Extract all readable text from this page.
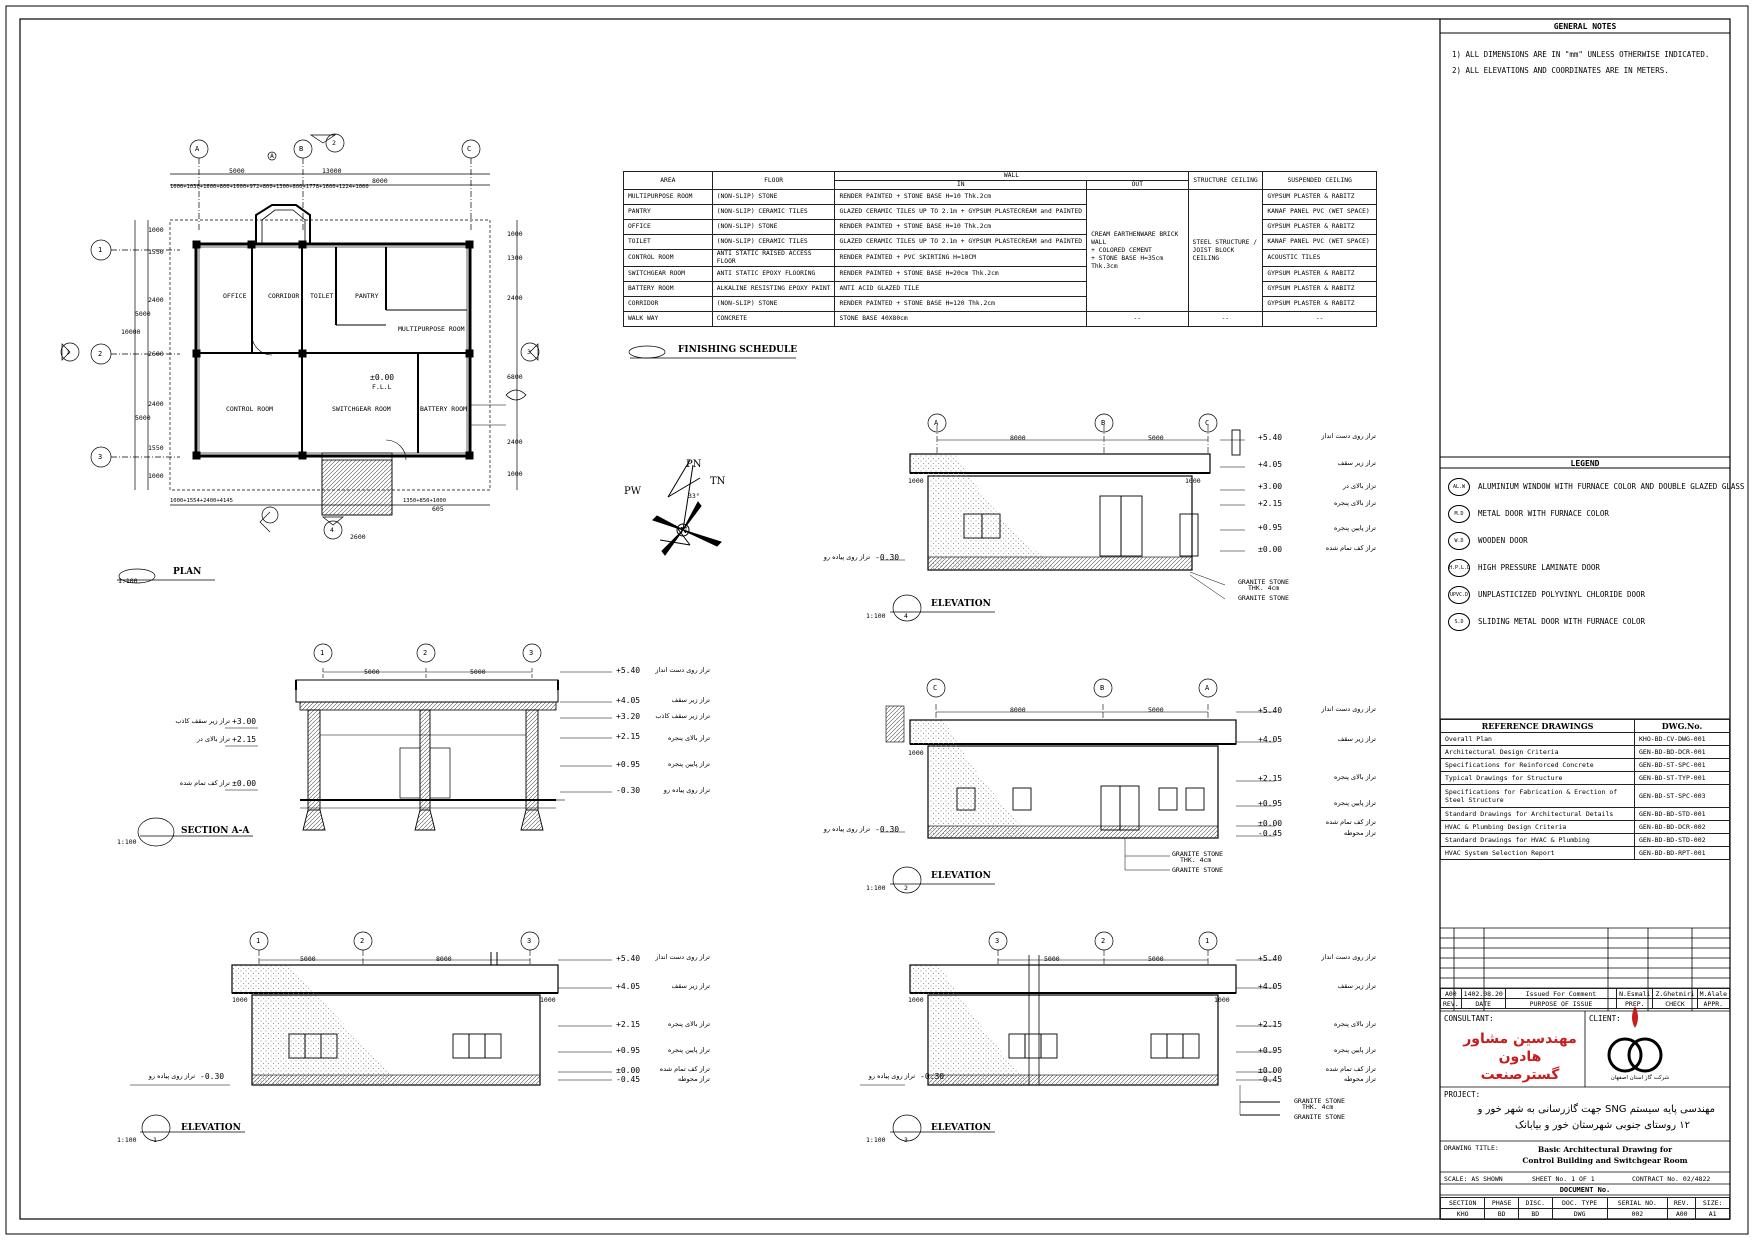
A	B	C
1
2
3
A
2
1	3
4
5000	13000
8000
1000+1030+1600+800+1600+972+800+1300+800+1778+1600+1224+1000
1000+1554+2400+4145	1350+850+1000
605
2600
1000
1550
2400
5000
10000
2600
5000
2400
1550
1000
1000
1300
2400
6800
2400
1000
OFFICE	CORRIDOR TOILET	PANTRY
MULTIPURPOSE ROOM
CONTROL ROOM	SWITCHGEAR ROOM	BATTERY ROOM
±0.00
F.L.L
1:100
PLAN
AREA	FLOOR	WALL		STRUCTURE CEILING	SUSPENDED CEILING
		IN	OUT		
MULTIPURPOSE ROOM	(NON-SLIP) STONE	RENDER PAINTED + STONE BASE H=10 Thk.2cm	CREAM EARTHENWARE BRICK WALL
+ COLORED CEMENT
+ STONE BASE H=35cm Thk.3cm	STEEL STRUCTURE /
JOIST BLOCK CEILING	GYPSUM PLASTER & RABITZ
PANTRY	(NON-SLIP) CERAMIC TILES	GLAZED CERAMIC TILES UP TO 2.1m + GYPSUM PLASTECREAM and PAINTED			KANAF PANEL PVC (WET SPACE)
OFFICE	(NON-SLIP) STONE	RENDER PAINTED + STONE BASE H=10 Thk.2cm			GYPSUM PLASTER & RABITZ
TOILET	(NON-SLIP) CERAMIC TILES	GLAZED CERAMIC TILES UP TO 2.1m + GYPSUM PLASTECREAM and PAINTED			KANAF PANEL PVC (WET SPACE)
CONTROL ROOM	ANTI STATIC RAISED ACCESS FLOOR	RENDER PAINTED + PVC SKIRTING H=10CM			ACOUSTIC TILES
SWITCHGEAR ROOM	ANTI STATIC EPOXY FLOORING	RENDER PAINTED + STONE BASE H=20cm Thk.2cm			GYPSUM PLASTER & RABITZ
BATTERY ROOM	ALKALINE RESISTING EPOXY PAINT	ANTI ACID GLAZED TILE			GYPSUM PLASTER & RABITZ
CORRIDOR	(NON-SLIP) STONE	RENDER PAINTED + STONE BASE H=120 Thk.2cm			GYPSUM PLASTER & RABITZ
WALK WAY	CONCRETE	STONE BASE 40X80cm	--	--	--
FINISHING SCHEDULE
PN
TN
PW
N
33°
A	B	C
8000	5000
1000	1000
+5.40
+4.05
+3.00
+2.15
+0.95
±0.00
-0.30
تراز روی دست انداز
تراز زیر سقف
تراز بالای در
تراز بالای پنجره
تراز پایین پنجره
تراز کف تمام شده
تراز روی پیاده رو
GRANITE STONE
THK. 4cm
GRANITE STONE
1:100	4
ELEVATION
1	2	3
5000	5000	+5.40
+4.05
+3.20
+2.15
+0.95
-0.30
تراز روی دست انداز
تراز زیر سقف
تراز زیر سقف کاذب
تراز بالای پنجره
تراز پایین پنجره
تراز روی پیاده رو
+3.00
+2.15
±0.00
تراز زیر سقف کاذب
تراز بالای در
تراز کف تمام شده
1:100
SECTION A-A
C	B	A
8000	5000
1000
+5.40
+4.05
+2.15
+0.95
±0.00
-0.45
-0.30
تراز روی دست انداز
تراز زیر سقف
تراز بالای پنجره
تراز پایین پنجره
تراز کف تمام شده
تراز محوطه
تراز روی پیاده رو
GRANITE STONE
THK. 4cm
GRANITE STONE
1:100	2
ELEVATION
1	2	3
5000	8000
1000	1000
+5.40
+4.05
+2.15
+0.95
±0.00
-0.45
-0.30
تراز روی دست انداز
تراز زیر سقف
تراز بالای پنجره
تراز پایین پنجره
تراز کف تمام شده
تراز محوطه
تراز روی پیاده رو
1:100	1
ELEVATION
3	2	1
5000	5000
1000	1000
+5.40
+4.05
+2.15
+0.95
±0.00
-0.45
-0.30
تراز روی دست انداز
تراز زیر سقف
تراز بالای پنجره
تراز پایین پنجره
تراز کف تمام شده
تراز محوطه
تراز روی پیاده رو
GRANITE STONE
THK. 4cm
GRANITE STONE
1:100	3
ELEVATION
GENERAL NOTES
1) ALL DIMENSIONS ARE IN "mm" UNLESS OTHERWISE INDICATED.
2) ALL ELEVATIONS AND COORDINATES ARE IN METERS.
LEGEND
AL.W	ALUMINIUM WINDOW WITH FURNACE COLOR AND DOUBLE GLAZED GLASS
M.D	METAL DOOR WITH FURNACE COLOR
W.D	WOODEN DOOR
H.P.L.D HIGH PRESSURE LAMINATE DOOR
UPVC.D UNPLASTICIZED POLYVINYL CHLORIDE DOOR
S.D	SLIDING METAL DOOR WITH FURNACE COLOR
REFERENCE DRAWINGS	DWG.No.
Overall Plan	KHO-BD-CV-DWG-001
Architectural Design Criteria	GEN-BD-BD-DCR-001
Specifications for Reinforced Concrete	GEN-BD-ST-SPC-001
Typical Drawings for Structure	GEN-BD-ST-TYP-001
Specifications for Fabrication & Erection of Steel Structure	GEN-BD-ST-SPC-003
Standard Drawings for Architectural Details	GEN-BD-BD-STD-001
HVAC & Plumbing Design Criteria	GEN-BD-BD-DCR-002
Standard Drawings for HVAC & Plumbing	GEN-BD-BD-STD-002
HVAC System Selection Report	GEN-BD-BD-RPT-001
A00	1402.08.20	Issued For Comment	N.Esmali	Z.Ghetmiri	M.Alale
REV.	DATE	PURPOSE OF ISSUE	PREP.	CHECK	APPR.
CONSULTANT:
مهندسین مشاور هادون گسترصنعت
CLIENT:
شرکت گاز استان اصفهان
PROJECT:
مهندسی پایه سیستم SNG جهت گازرسانی به شهر خور و
۱۲ روستای جنوبی شهرستان خور و بیابانک
DRAWING TITLE:	Basic Architectural Drawing for
Control Building and Switchgear Room
SCALE: AS SHOWN	SHEET No. 1 OF 1	CONTRACT No. 02/4822
DOCUMENT No.
SECTION	PHASE	DISC.	DOC. TYPE	SERIAL NO.	REV.	SIZE:
KHO	BD	BD	DWG	002	A00	A1
